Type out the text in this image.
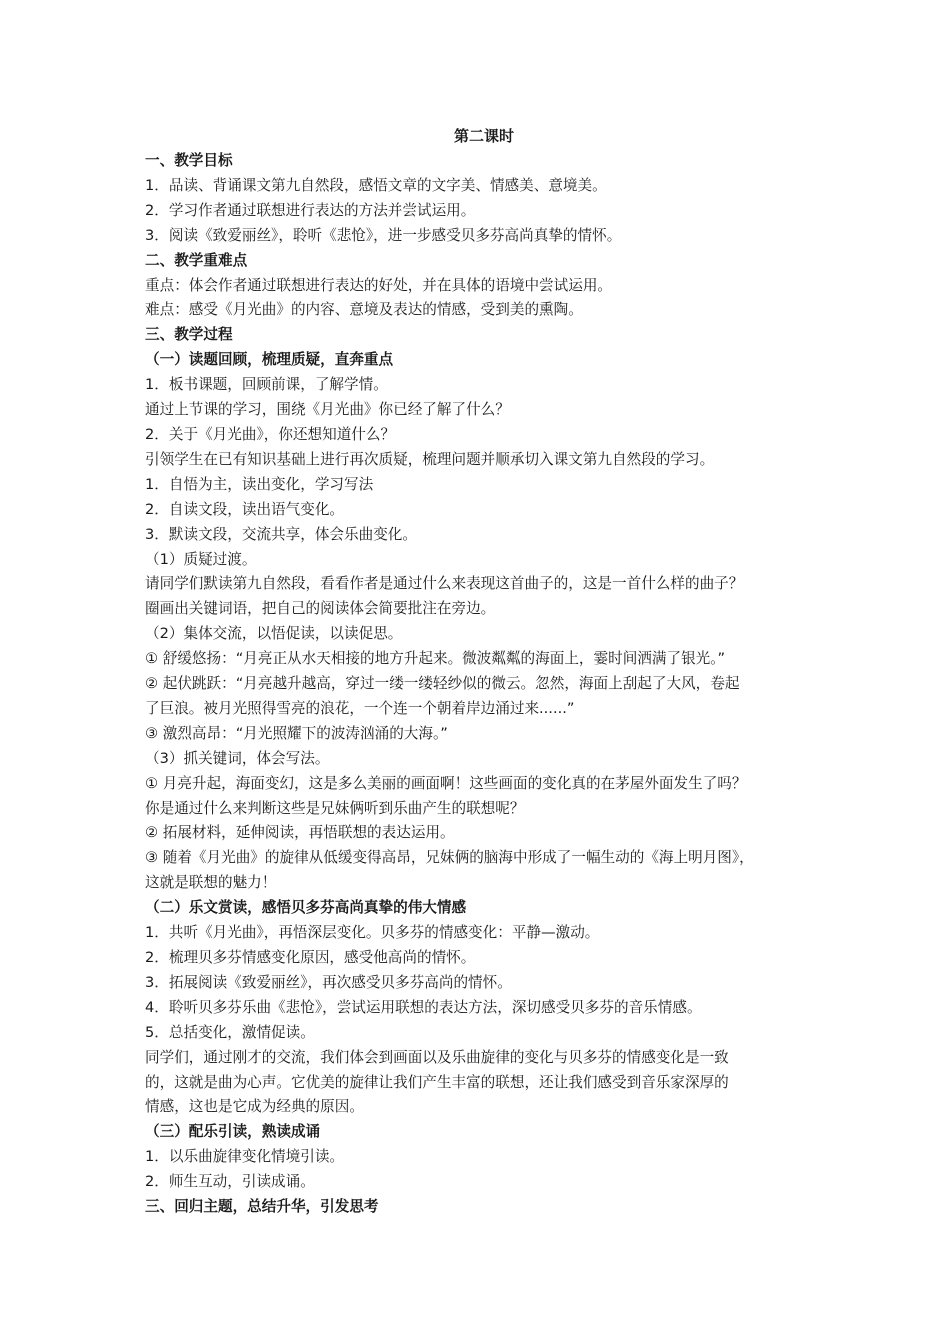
第二课时

一、教学目标

1．品读、背诵课文第九自然段，感悟文章的文字美、情感美、意境美。

2．学习作者通过联想进行表达的方法并尝试运用。

3．阅读《致爱丽丝》，聆听《悲怆》，进一步感受贝多芬高尚真挚的情怀。

二、教学重难点

重点：体会作者通过联想进行表达的好处，并在具体的语境中尝试运用。

难点：感受《月光曲》的内容、意境及表达的情感，受到美的熏陶。

三、教学过程

（一）读题回顾，梳理质疑，直奔重点

1．板书课题，回顾前课，了解学情。

通过上节课的学习，围绕《月光曲》你已经了解了什么？

2．关于《月光曲》，你还想知道什么？

引领学生在已有知识基础上进行再次质疑，梳理问题并顺承切入课文第九自然段的学习。

1．自悟为主，读出变化，学习写法

2．自读文段，读出语气变化。

3．默读文段，交流共享，体会乐曲变化。

（1）质疑过渡。

请同学们默读第九自然段，看看作者是通过什么来表现这首曲子的，这是一首什么样的曲子？

圈画出关键词语，把自己的阅读体会简要批注在旁边。

（2）集体交流，以悟促读，以读促思。

① 舒缓悠扬：“月亮正从水天相接的地方升起来。微波粼粼的海面上，霎时间洒满了银光。”

② 起伏跳跃：“月亮越升越高，穿过一缕一缕轻纱似的微云。忽然，海面上刮起了大风，卷起

了巨浪。被月光照得雪亮的浪花，一个连一个朝着岸边涌过来......”

③ 激烈高昂：“月光照耀下的波涛汹涌的大海。”

（3）抓关键词，体会写法。

① 月亮升起，海面变幻，这是多么美丽的画面啊！这些画面的变化真的在茅屋外面发生了吗？

你是通过什么来判断这些是兄妹俩听到乐曲产生的联想呢？

② 拓展材料，延伸阅读，再悟联想的表达运用。

③ 随着《月光曲》的旋律从低缓变得高昂，兄妹俩的脑海中形成了一幅生动的《海上明月图》，

这就是联想的魅力！

（二）乐文赏读，感悟贝多芬高尚真挚的伟大情感

1．共听《月光曲》，再悟深层变化。贝多芬的情感变化：平静—激动。

2．梳理贝多芬情感变化原因，感受他高尚的情怀。

3．拓展阅读《致爱丽丝》，再次感受贝多芬高尚的情怀。

4．聆听贝多芬乐曲《悲怆》，尝试运用联想的表达方法，深切感受贝多芬的音乐情感。

5．总括变化，激情促读。

同学们，通过刚才的交流，我们体会到画面以及乐曲旋律的变化与贝多芬的情感变化是一致

的，这就是曲为心声。它优美的旋律让我们产生丰富的联想，还让我们感受到音乐家深厚的

情感，这也是它成为经典的原因。

（三）配乐引读，熟读成诵

1．以乐曲旋律变化情境引读。

2．师生互动，引读成诵。

三、回归主题，总结升华，引发思考
